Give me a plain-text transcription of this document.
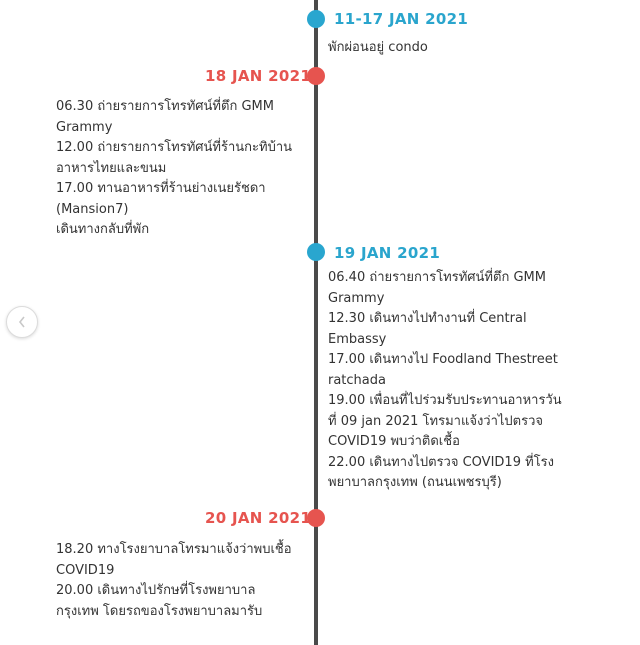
11-17 JAN 2021
พักผ่อนอยู่ condo
18 JAN 2021
06.30 ถ่ายรายการโทรทัศน์ที่ตึก GMM
Grammy
12.00 ถ่ายรายการโทรทัศน์ที่ร้านกะทิบ้าน
อาหารไทยและขนม
17.00 ทานอาหารที่ร้านย่างเนยรัชดา
(Mansion7)
เดินทางกลับที่พัก
19 JAN 2021
06.40 ถ่ายรายการโทรทัศน์ที่ตึก GMM
Grammy
12.30 เดินทางไปทำงานที่ Central
Embassy
17.00 เดินทางไป Foodland Thestreet
ratchada
19.00 เพื่อนที่ไปร่วมรับประทานอาหารวัน
ที่ 09 jan 2021 โทรมาแจ้งว่าไปตรวจ
COVID19 พบว่าติดเชื้อ
22.00 เดินทางไปตรวจ COVID19 ที่โรง
พยาบาลกรุงเทพ (ถนนเพชรบุรี)
20 JAN 2021
18.20 ทางโรงยาบาลโทรมาแจ้งว่าพบเชื้อ
COVID19
20.00 เดินทางไปรักษที่โรงพยาบาล
กรุงเทพ โดยรถของโรงพยาบาลมารับ
